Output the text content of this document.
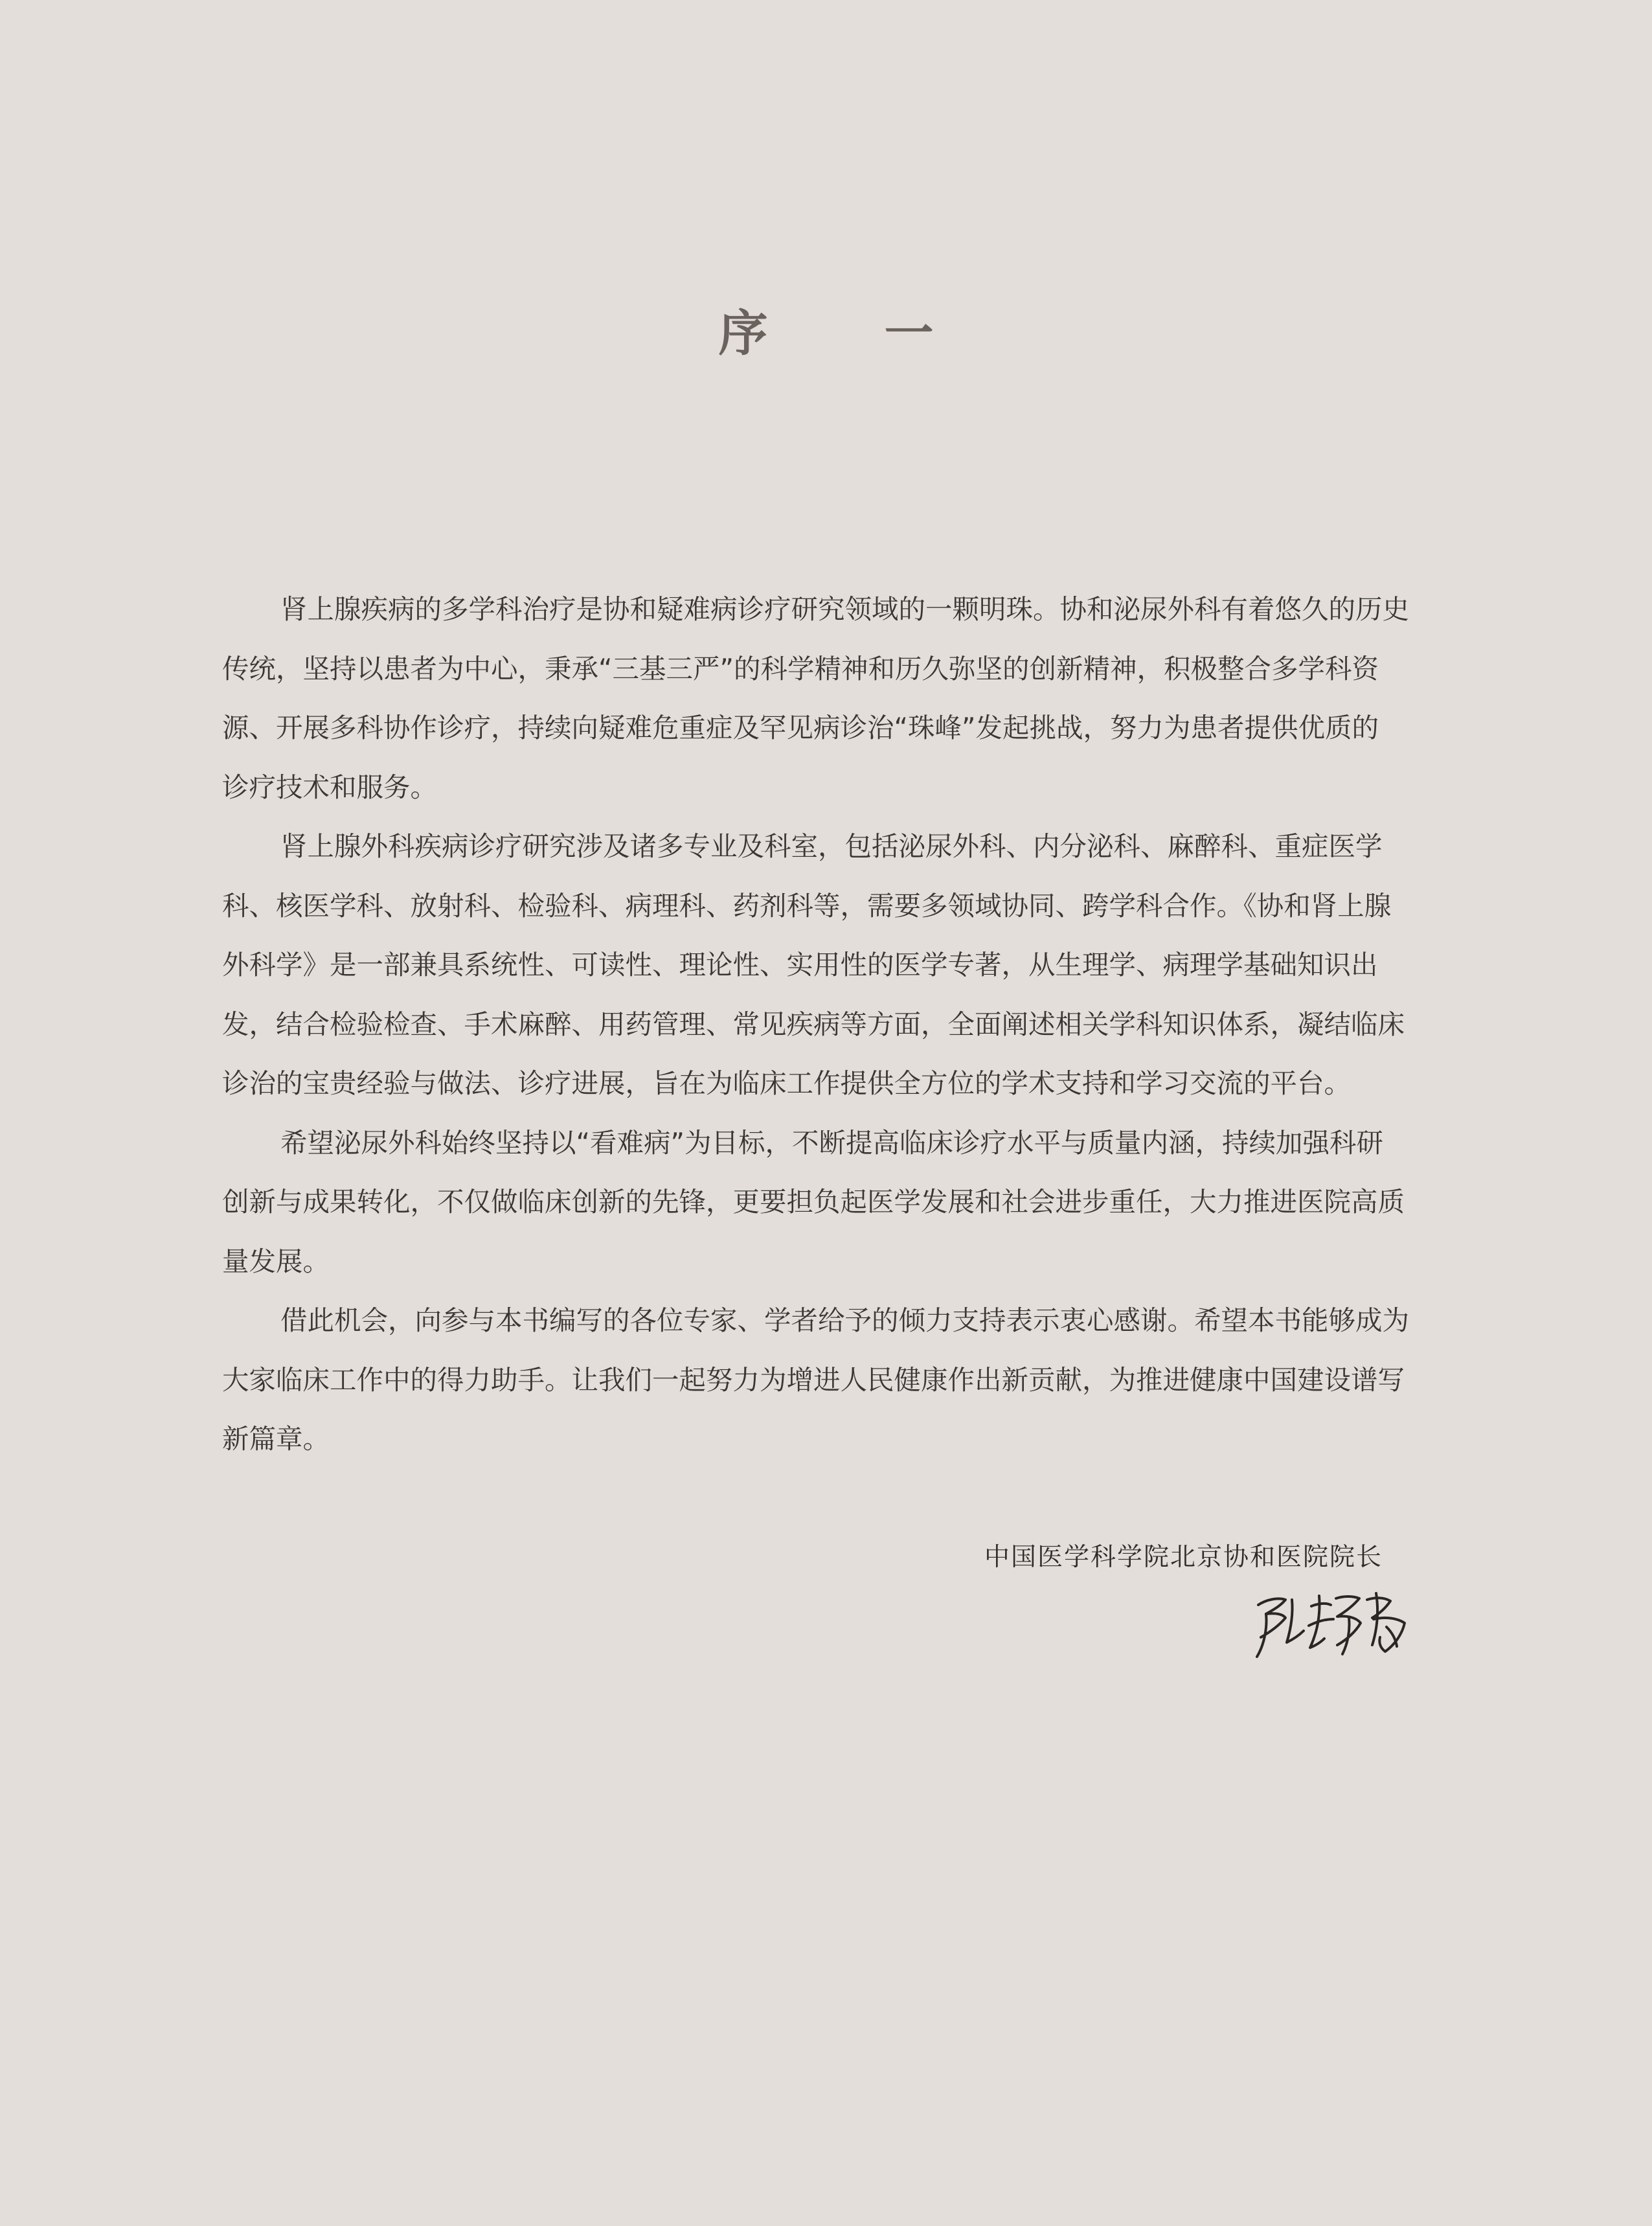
序 一

肾上腺疾病的多学科治疗是协和疑难病诊疗研究领域的一颗明珠。协和泌尿外科有着悠久的历史
传统，坚持以患者为中心，秉承“三基三严”的科学精神和历久弥坚的创新精神，积极整合多学科资
源、开展多科协作诊疗，持续向疑难危重症及罕见病诊治“珠峰”发起挑战，努力为患者提供优质的
诊疗技术和服务。

肾上腺外科疾病诊疗研究涉及诸多专业及科室，包括泌尿外科、内分泌科、麻醉科、重症医学
科、核医学科、放射科、检验科、病理科、药剂科等，需要多领域协同、跨学科合作。《协和肾上腺
外科学》是一部兼具系统性、可读性、理论性、实用性的医学专著，从生理学、病理学基础知识出
发，结合检验检查、手术麻醉、用药管理、常见疾病等方面，全面阐述相关学科知识体系，凝结临床
诊治的宝贵经验与做法、诊疗进展，旨在为临床工作提供全方位的学术支持和学习交流的平台。

希望泌尿外科始终坚持以“看难病”为目标，不断提高临床诊疗水平与质量内涵，持续加强科研
创新与成果转化，不仅做临床创新的先锋，更要担负起医学发展和社会进步重任，大力推进医院高质
量发展。

借此机会，向参与本书编写的各位专家、学者给予的倾力支持表示衷心感谢。希望本书能够成为
大家临床工作中的得力助手。让我们一起努力为增进人民健康作出新贡献，为推进健康中国建设谱写
新篇章。

中国医学科学院北京协和医院院长
